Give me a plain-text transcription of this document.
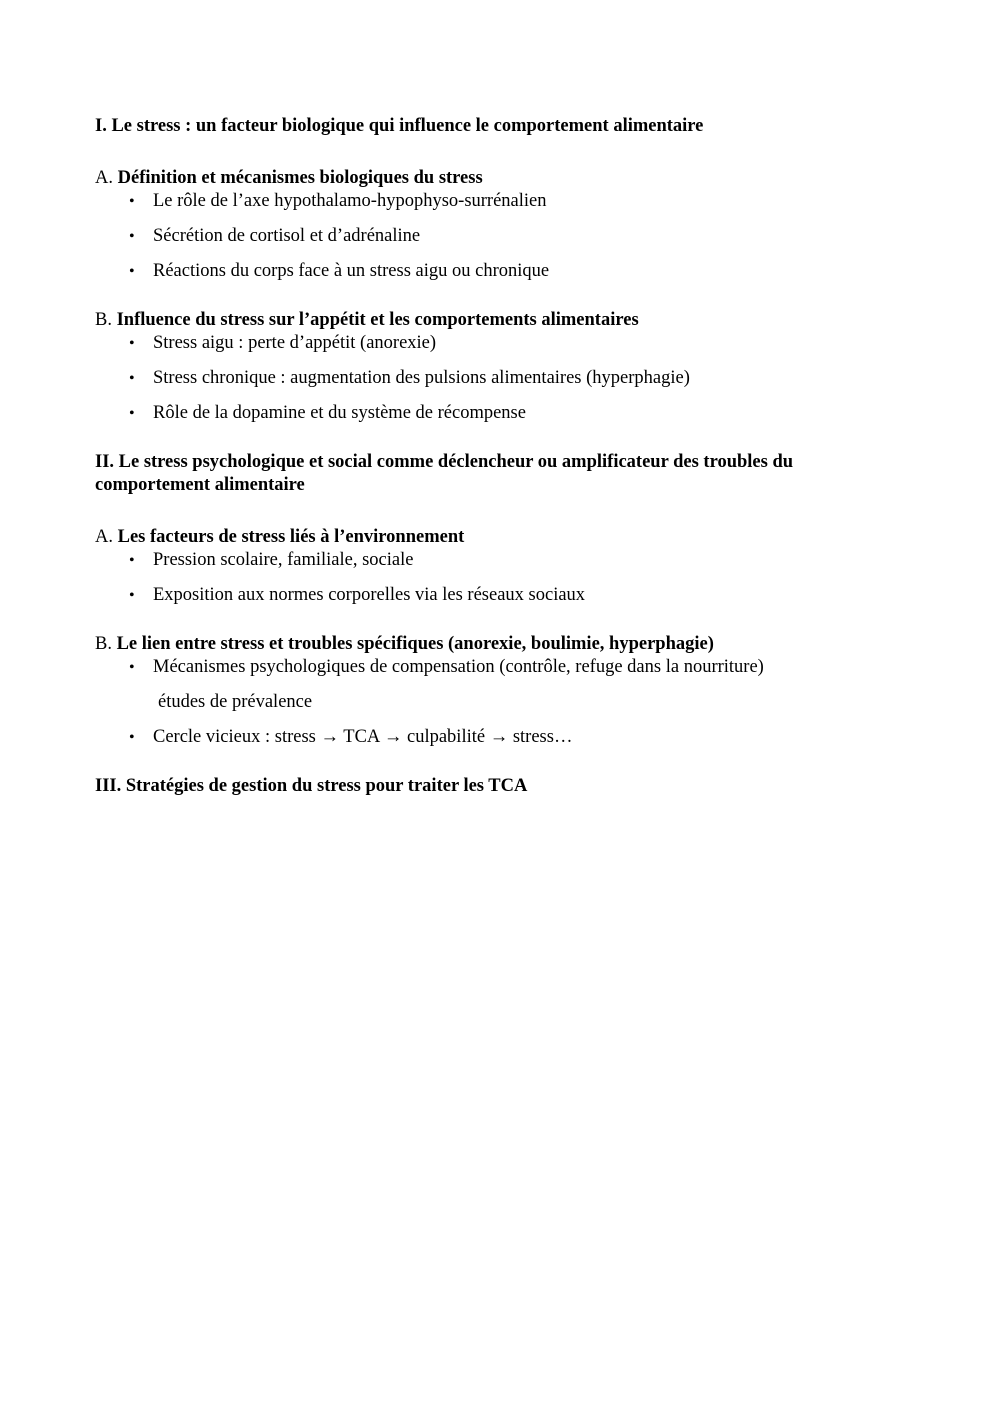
I. Le stress : un facteur biologique qui influence le comportement alimentaire

A. Définition et mécanismes biologiques du stress

• Le rôle de l’axe hypothalamo-hypophyso-surrénalien
• Sécrétion de cortisol et d’adrénaline
• Réactions du corps face à un stress aigu ou chronique

B. Influence du stress sur l’appétit et les comportements alimentaires

• Stress aigu : perte d’appétit (anorexie)
• Stress chronique : augmentation des pulsions alimentaires (hyperphagie)
• Rôle de la dopamine et du système de récompense

II. Le stress psychologique et social comme déclencheur ou amplificateur des troubles du
comportement alimentaire

A. Les facteurs de stress liés à l’environnement

• Pression scolaire, familiale, sociale
• Exposition aux normes corporelles via les réseaux sociaux

B. Le lien entre stress et troubles spécifiques (anorexie, boulimie, hyperphagie)

• Mécanismes psychologiques de compensation (contrôle, refuge dans la nourriture)
études de prévalence
• Cercle vicieux : stress → TCA → culpabilité → stress…

III. Stratégies de gestion du stress pour traiter les TCA
